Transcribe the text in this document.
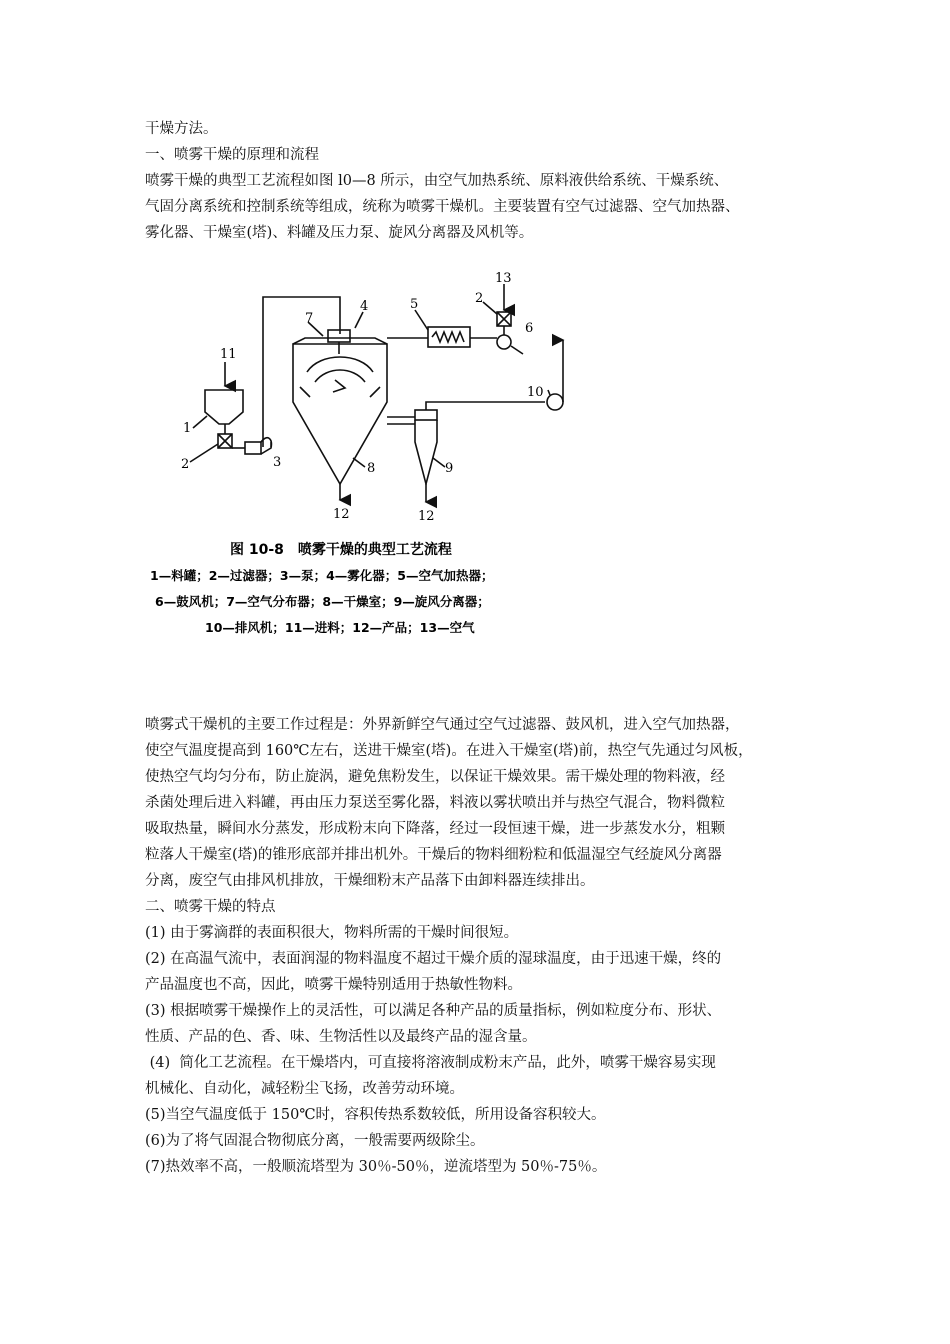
干燥方法。

一、喷雾干燥的原理和流程

喷雾干燥的典型工艺流程如图 l0—8 所示，由空气加热系统、原料液供给系统、干燥系统、
气固分离系统和控制系统等组成，统称为喷雾干燥机。主要装置有空气过滤器、空气加热器、
雾化器、干燥室(塔)、料罐及压力泵、旋风分离器及风机等。
11
1
2	3
7
4	5	2
13
6
10
8	9
12	12
图 10-8　喷雾干燥的典型工艺流程
1—料罐；2—过滤器；3—泵；4—雾化器；5—空气加热器；
6—鼓风机；7—空气分布器；8—干燥室；9—旋风分离器；
10—排风机；11—进料；12—产品；13—空气
喷雾式干燥机的主要工作过程是：外界新鲜空气通过空气过滤器、鼓风机，进入空气加热器，
使空气温度提高到 160℃左右，送进干燥室(塔)。在进入干燥室(塔)前，热空气先通过匀风板，
使热空气均匀分布，防止旋涡，避免焦粉发生，以保证干燥效果。需干燥处理的物料液，经
杀菌处理后进入料罐，再由压力泵送至雾化器，料液以雾状喷出并与热空气混合，物料微粒
吸取热量，瞬间水分蒸发，形成粉末向下降落，经过一段恒速干燥，进一步蒸发水分，粗颗
粒落人干燥室(塔)的锥形底部并排出机外。干燥后的物料细粉粒和低温湿空气经旋风分离器
分离，废空气由排风机排放，干燥细粉末产品落下由卸料器连续排出。

二、喷雾干燥的特点

(1) 由于雾滴群的表面积很大，物料所需的干燥时间很短。
(2) 在高温气流中，表面润湿的物料温度不超过干燥介质的湿球温度，由于迅速干燥，终的
产品温度也不高，因此，喷雾干燥特别适用于热敏性物料。
(3) 根据喷雾干燥操作上的灵活性，可以满足各种产品的质量指标，例如粒度分布、形状、
性质、产品的色、香、味、生物活性以及最终产品的湿含量。
(4)  简化工艺流程。在干燥塔内，可直接将溶液制成粉末产品，此外，喷雾干燥容易实现
机械化、自动化，减轻粉尘飞扬，改善劳动环境。
(5)当空气温度低于 150℃时，容积传热系数较低，所用设备容积较大。
(6)为了将气固混合物彻底分离，一般需要两级除尘。
(7)热效率不高，一般顺流塔型为 30％-50％，逆流塔型为 50％-75％。
